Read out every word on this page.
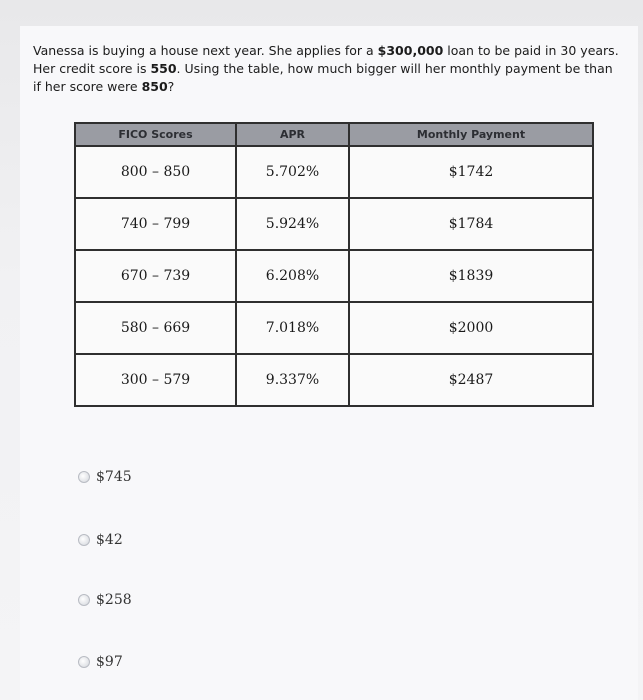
Vanessa is buying a house next year. She applies for a $300,000 loan to be paid in 30 years. Her credit score is 550. Using the table, how much bigger will her monthly payment be than if her score were 850?
FICO Scores	APR	Monthly Payment
800 – 850	5.702%	$1742
740 – 799	5.924%	$1784
670 – 739	6.208%	$1839
580 – 669	7.018%	$2000
300 – 579	9.337%	$2487
$745
$42
$258
$97
